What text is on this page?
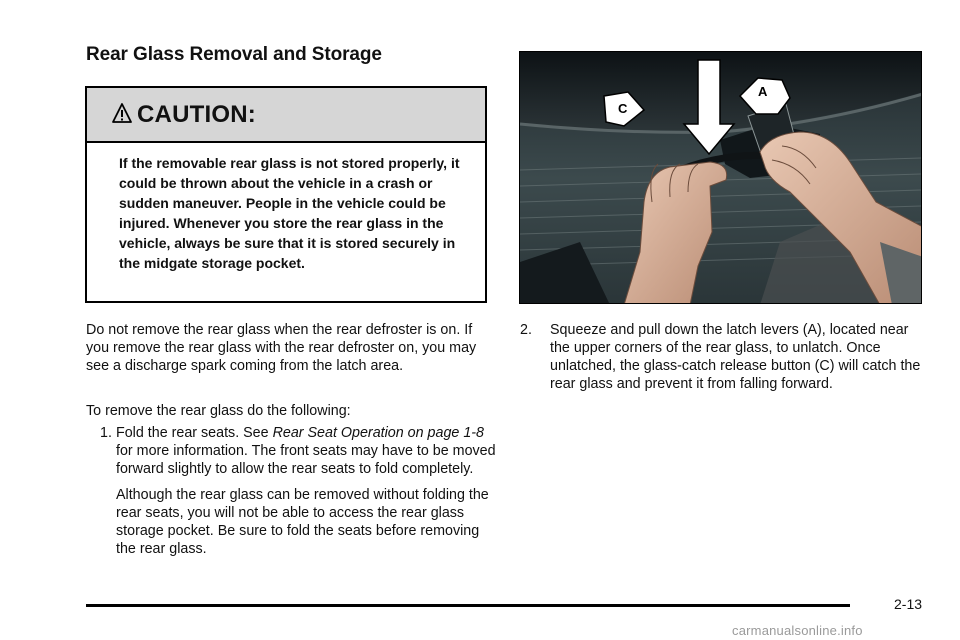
Rear Glass Removal and Storage
CAUTION:

If the removable rear glass is not stored properly, it could be thrown about the vehicle in a crash or sudden maneuver. People in the vehicle could be injured. Whenever you store the rear glass in the vehicle, always be sure that it is stored securely in the midgate storage pocket.

Do not remove the rear glass when the rear defroster is on. If you remove the rear glass with the rear defroster on, you may see a discharge spark coming from the latch area.

To remove the rear glass do the following:

1. Fold the rear seats. See Rear Seat Operation on page 1-8 for more information. The front seats may have to be moved forward slightly to allow the rear seats to fold completely.

Although the rear glass can be removed without folding the rear seats, you will not be able to access the rear glass storage pocket. Be sure to fold the seats before removing the rear glass.

A
C
2. Squeeze and pull down the latch levers (A), located near the upper corners of the rear glass, to unlatch. Once unlatched, the glass-catch release button (C) will catch the rear glass and prevent it from falling forward.

2-13
carmanualsonline.info
